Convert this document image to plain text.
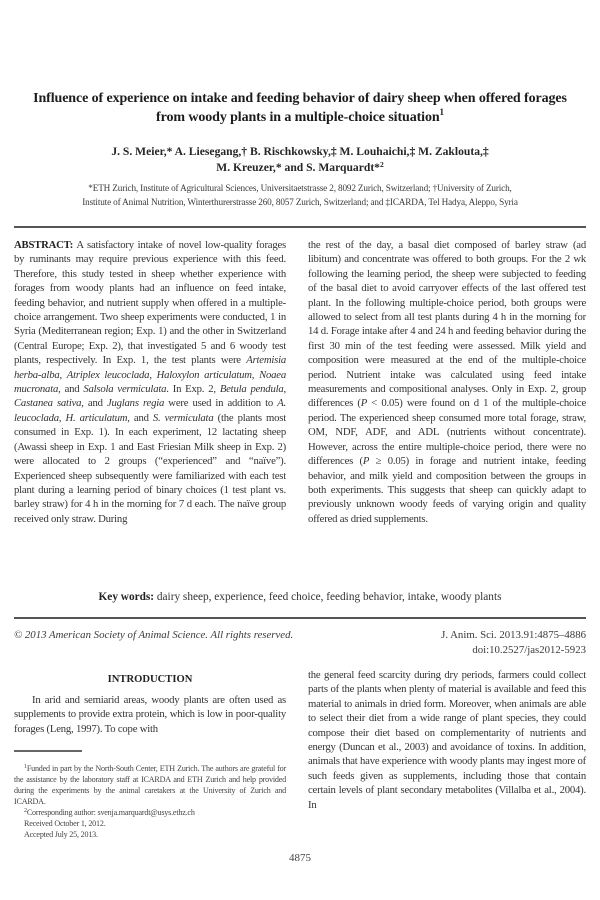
Influence of experience on intake and feeding behavior of dairy sheep when offered forages from woody plants in a multiple-choice situation$^1$
J. S. Meier,* A. Liesegang,† B. Rischkowsky,‡ M. Louhaichi,‡ M. Zaklouta,‡
M. Kreuzer,* and S. Marquardt*$^2$
*ETH Zurich, Institute of Agricultural Sciences, Universitaetstrasse 2, 8092 Zurich, Switzerland; †University of Zurich,
Institute of Animal Nutrition, Winterthurerstrasse 260, 8057 Zurich, Switzerland; and ‡ICARDA, Tel Hadya, Aleppo, Syria
ABSTRACT: A satisfactory intake of novel low-quality forages by ruminants may require previous experience with this feed. Therefore, this study tested in sheep whether experience with forages from woody plants had an influence on feed intake, feeding behavior, and nutrient supply when offered in a multiple-choice arrangement. Two sheep experiments were conducted, 1 in Syria (Mediterranean region; Exp. 1) and the other in Switzerland (Central Europe; Exp. 2), that investigated 5 and 6 woody test plants, respectively. In Exp. 1, the test plants were Artemisia herba-alba, Atriplex leucoclada, Haloxylon articulatum, Noaea mucronata, and Salsola vermiculata. In Exp. 2, Betula pendula, Castanea sativa, and Juglans regia were used in addition to A. leucoclada, H. articulatum, and S. vermiculata (the plants most consumed in Exp. 1). In each experiment, 12 lactating sheep (Awassi sheep in Exp. 1 and East Friesian Milk sheep in Exp. 2) were allocated to 2 groups (“experienced” and “naïve”). Experienced sheep subsequently were familiarized with each test plant during a learning period of binary choices (1 test plant vs. barley straw) for 4 h in the morning for 7 d each. The naïve group received only straw. During
the rest of the day, a basal diet composed of barley straw (ad libitum) and concentrate was offered to both groups. For the 2 wk following the learning period, the sheep were subjected to feeding of the basal diet to avoid carryover effects of the last offered test plant. In the following multiple-choice period, both groups were allowed to select from all test plants during 4 h in the morning for 14 d. Forage intake after 4 and 24 h and feeding behavior during the first 30 min of the test feeding were assessed. Milk yield and composition were measured at the end of the multiple-choice period. Nutrient intake was calculated using feed intake measurements and compositional analyses. Only in Exp. 2, group differences (P < 0.05) were found on d 1 of the multiple-choice period. The experienced sheep consumed more total forage, straw, OM, NDF, ADF, and ADL (nutrients without concentrate). However, across the entire multiple-choice period, there were no differences (P ≥ 0.05) in forage and nutrient intake, feeding behavior, and milk yield and composition between the groups in both experiments. This suggests that sheep can quickly adapt to previously unknown woody feeds of varying origin and quality offered as dried supplements.
Key words: dairy sheep, experience, feed choice, feeding behavior, intake, woody plants
© 2013 American Society of Animal Science. All rights reserved.	J. Anim. Sci. 2013.91:4875–4886
doi:10.2527/jas2012-5923
INTRODUCTION

In arid and semiarid areas, woody plants are often used as supplements to provide extra protein, which is low in poor-quality forages (Leng, 1997). To cope with

the general feed scarcity during dry periods, farmers could collect parts of the plants when plenty of material is available and feed this material to animals in dried form. Moreover, when animals are able to select their diet from a wide range of plant species, they could compose their diet based on complementarity of nutrients and energy (Duncan et al., 2003) and avoidance of toxins. In addition, animals that have experience with woody plants may ingest more of such feeds given as supplements, including those that contain certain levels of plant secondary metabolites (Villalba et al., 2004). In

$^1$Funded in part by the North-South Center, ETH Zurich. The authors are grateful for the assistance by the laboratory staff at ICARDA and ETH Zurich and help provided during the experiments by the animal caretakers at the University of Zurich and ICARDA.

$^2$Corresponding author: svenja.marquardt@usys.ethz.ch

Received October 1, 2012.

Accepted July 25, 2013.

4875
